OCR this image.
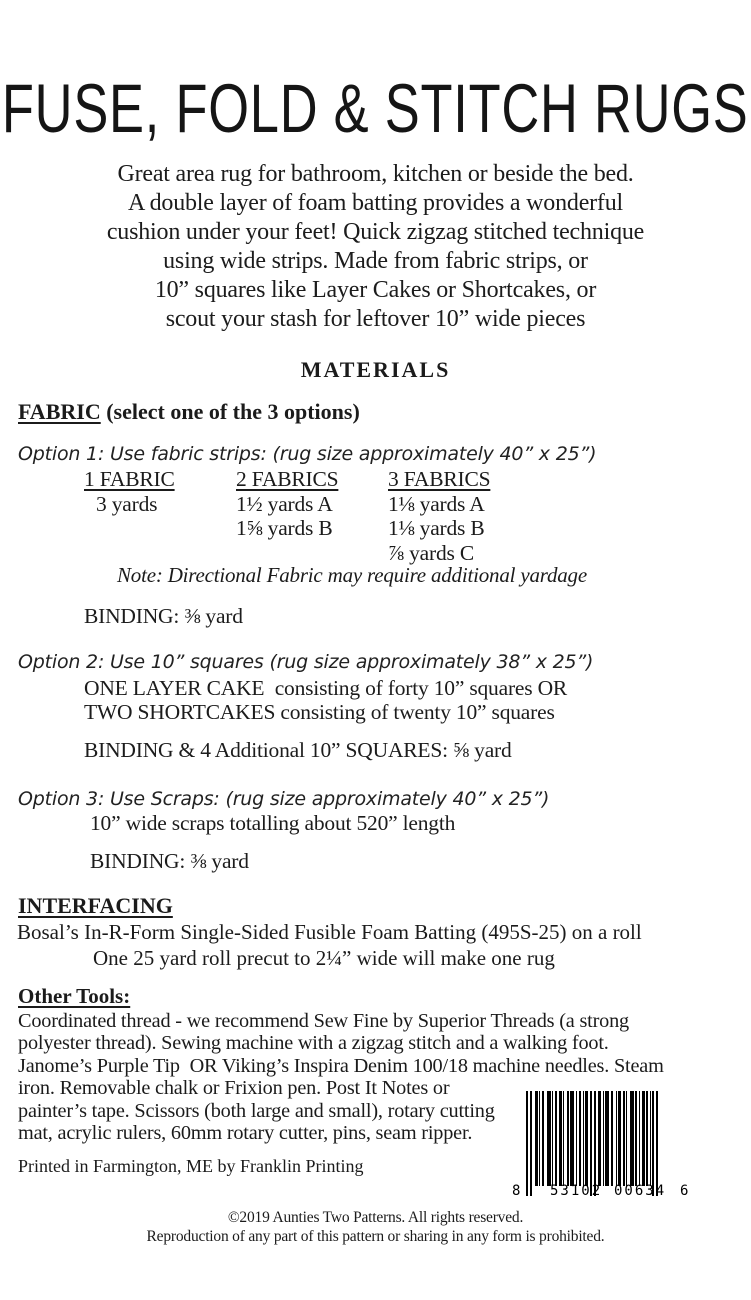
FUSE, FOLD & STITCH RUGS
Great area rug for bathroom, kitchen or beside the bed.
A double layer of foam batting provides a wonderful
cushion under your feet! Quick zigzag stitched technique
using wide strips. Made from fabric strips, or
10” squares like Layer Cakes or Shortcakes, or
scout your stash for leftover 10” wide pieces
MATERIALS
FABRIC (select one of the 3 options)
Option 1: Use fabric strips: (rug size approximately 40” x 25”)
1 FABRIC
3 yards
2 FABRICS
1½ yards A
1⅝ yards B
3 FABRICS
1⅛ yards A
1⅛ yards B
⅞ yards C
Note: Directional Fabric may require additional yardage
BINDING: ⅜ yard
Option 2: Use 10” squares (rug size approximately 38” x 25”)
ONE LAYER CAKE  consisting of forty 10” squares OR
TWO SHORTCAKES consisting of twenty 10” squares
BINDING & 4 Additional 10” SQUARES: ⅝ yard
Option 3: Use Scraps: (rug size approximately 40” x 25”)
10” wide scraps totalling about 520” length
BINDING: ⅜ yard
INTERFACING
Bosal’s In-R-Form Single-Sided Fusible Foam Batting (495S-25) on a roll
One 25 yard roll precut to 2¼” wide will make one rug
Other Tools:
Coordinated thread - we recommend Sew Fine by Superior Threads (a strong
polyester thread). Sewing machine with a zigzag stitch and a walking foot.
Janome’s Purple Tip  OR Viking’s Inspira Denim 100/18 machine needles. Steam
iron. Removable chalk or Frixion pen. Post It Notes or
painter’s tape. Scissors (both large and small), rotary cutting
mat, acrylic rulers, 60mm rotary cutter, pins, seam ripper.
Printed in Farmington, ME by Franklin Printing
8 53102 00634 6
©2019 Aunties Two Patterns. All rights reserved.
Reproduction of any part of this pattern or sharing in any form is prohibited.
